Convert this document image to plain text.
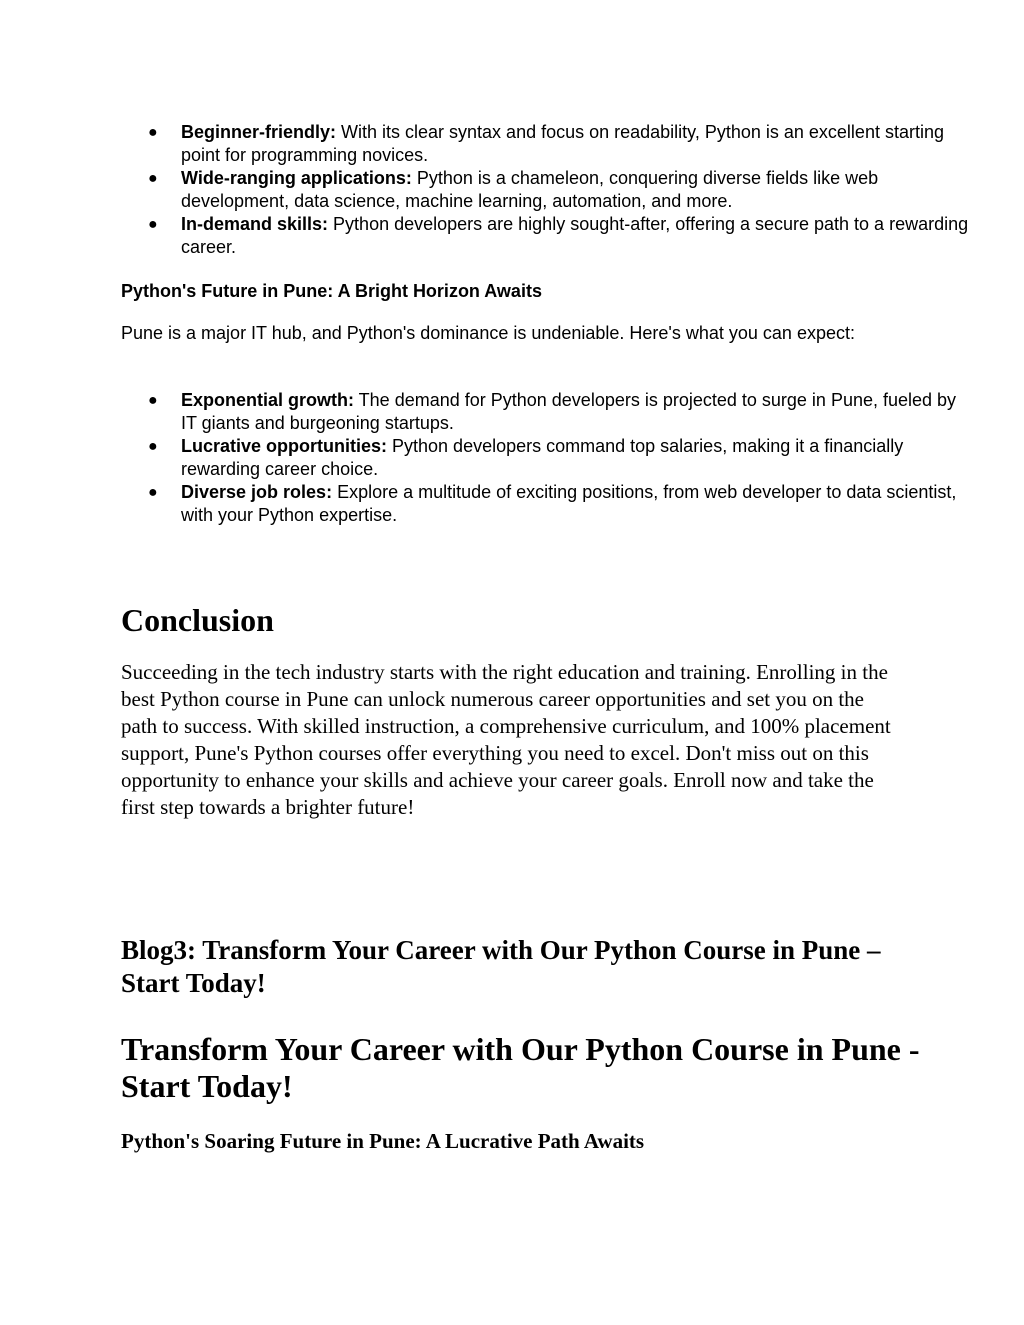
● Beginner-friendly: With its clear syntax and focus on readability, Python is an excellent starting point for programming novices.
● Wide-ranging applications: Python is a chameleon, conquering diverse fields like web development, data science, machine learning, automation, and more.
● In-demand skills: Python developers are highly sought-after, offering a secure path to a rewarding career.
Python's Future in Pune: A Bright Horizon Awaits

Pune is a major IT hub, and Python's dominance is undeniable. Here's what you can expect:

● Exponential growth: The demand for Python developers is projected to surge in Pune, fueled by IT giants and burgeoning startups.
● Lucrative opportunities: Python developers command top salaries, making it a financially rewarding career choice.
● Diverse job roles: Explore a multitude of exciting positions, from web developer to data scientist, with your Python expertise.
Conclusion

Succeeding in the tech industry starts with the right education and training. Enrolling in the best Python course in Pune can unlock numerous career opportunities and set you on the path to success. With skilled instruction, a comprehensive curriculum, and 100% placement support, Pune's Python courses offer everything you need to excel. Don't miss out on this opportunity to enhance your skills and achieve your career goals. Enroll now and take the first step towards a brighter future!

Blog3: Transform Your Career with Our Python Course in Pune – Start Today!
Transform Your Career with Our Python Course in Pune - Start Today!
Python's Soaring Future in Pune: A Lucrative Path Awaits
